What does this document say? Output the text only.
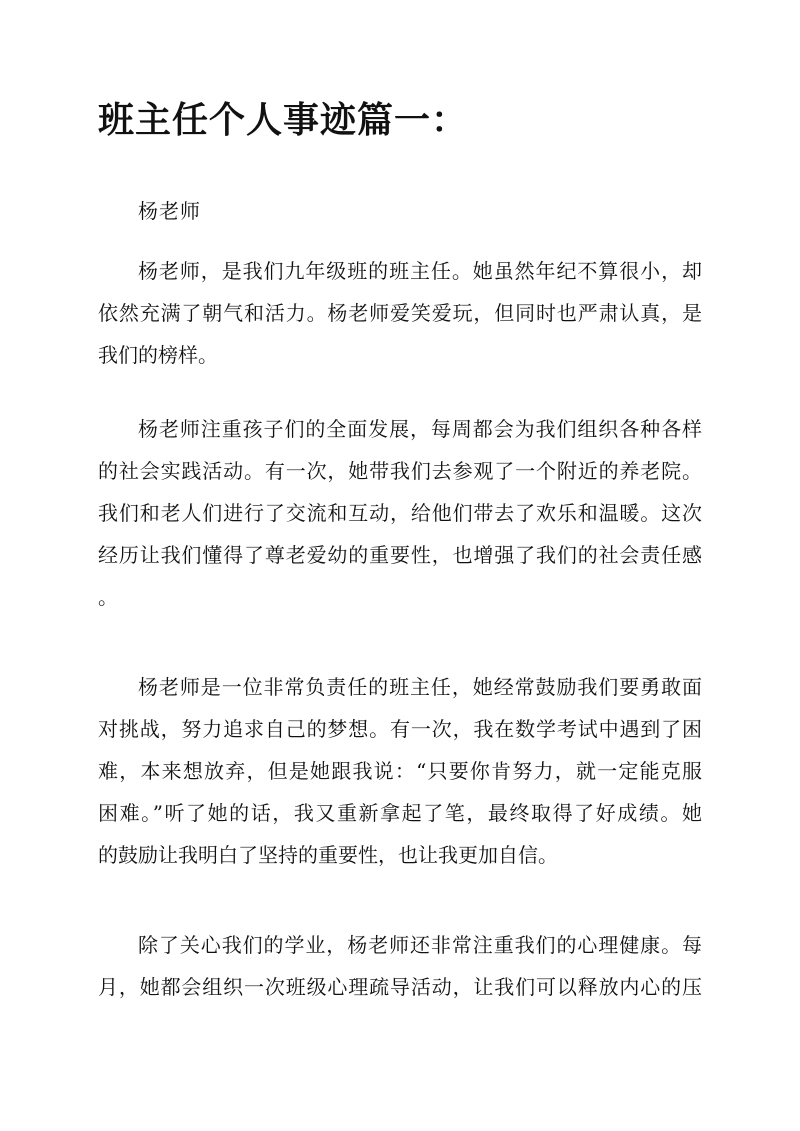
班主任个人事迹篇一：

杨老师

杨老师，是我们九年级班的班主任。她虽然年纪不算很小，却
依然充满了朝气和活力。杨老师爱笑爱玩，但同时也严肃认真，是
我们的榜样。
杨老师注重孩子们的全面发展，每周都会为我们组织各种各样
的社会实践活动。有一次，她带我们去参观了一个附近的养老院。
我们和老人们进行了交流和互动，给他们带去了欢乐和温暖。这次
经历让我们懂得了尊老爱幼的重要性，也增强了我们的社会责任感
。
杨老师是一位非常负责任的班主任，她经常鼓励我们要勇敢面
对挑战，努力追求自己的梦想。有一次，我在数学考试中遇到了困
难，本来想放弃，但是她跟我说：“只要你肯努力，就一定能克服
困难。”听了她的话，我又重新拿起了笔，最终取得了好成绩。她
的鼓励让我明白了坚持的重要性，也让我更加自信。
除了关心我们的学业，杨老师还非常注重我们的心理健康。每
月，她都会组织一次班级心理疏导活动，让我们可以释放内心的压
